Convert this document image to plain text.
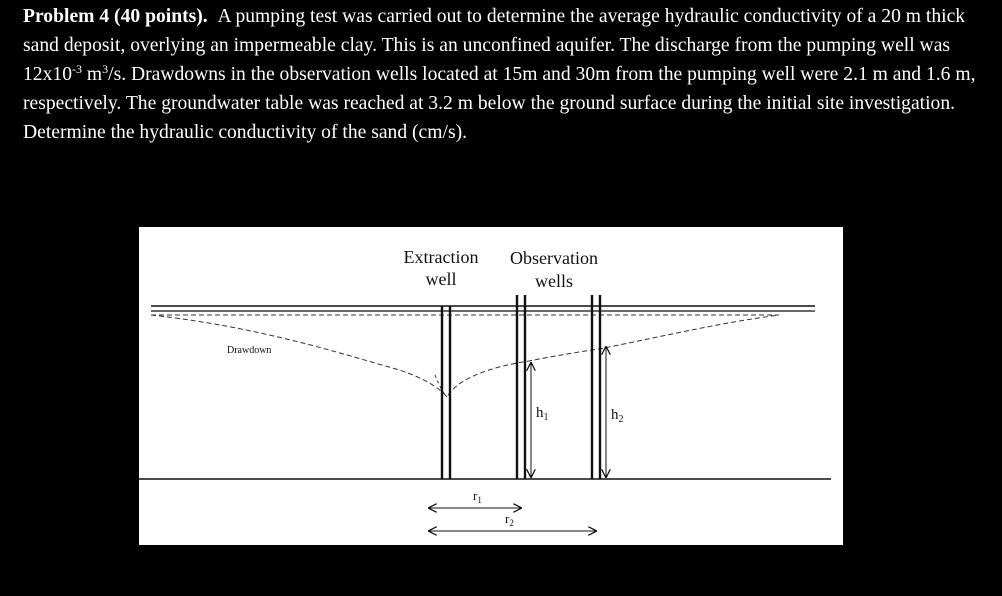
Problem 4 (40 points). A pumping test was carried out to determine the average hydraulic conductivity of a 20 m thick sand deposit, overlying an impermeable clay. This is an unconfined aquifer. The discharge from the pumping well was $12x10^{-3}$ $m^3/s$. Drawdowns in the observation wells located at 15m and 30m from the pumping well were 2.1 m and 1.6 m, respectively. The groundwater table was reached at 3.2 m below the ground surface during the initial site investigation. Determine the hydraulic conductivity of the sand (cm/s).

Extraction
well
Observation
wells
Drawdown
$h_1$	$h_2$
$r_1$
$r_2$
